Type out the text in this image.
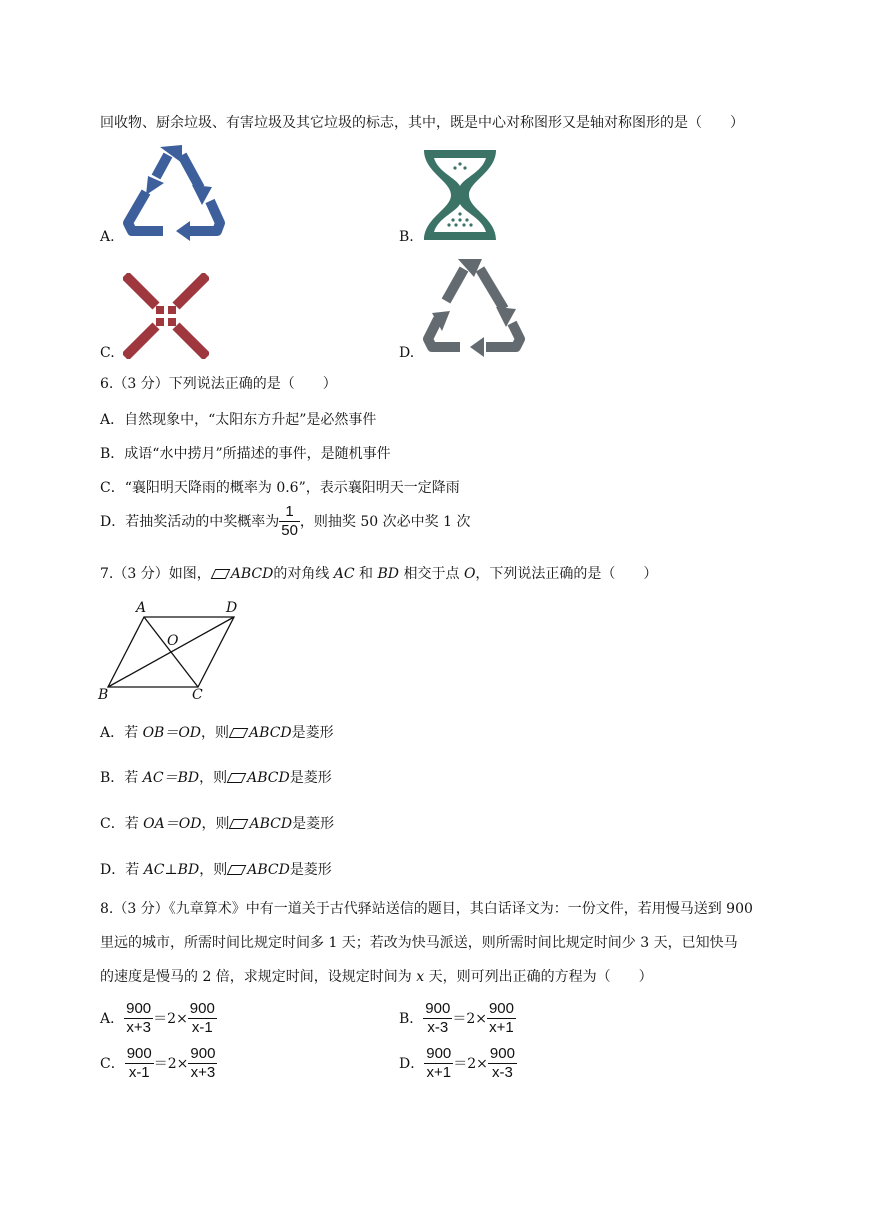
回收物、厨余垃圾、有害垃圾及其它垃圾的标志，其中，既是中心对称图形又是轴对称图形的是（　　）
A.	B.
C.	D.
6.（3 分）下列说法正确的是（　　）
A．自然现象中，“太阳东方升起”是必然事件
B．成语“水中捞月”所描述的事件，是随机事件
C．“襄阳明天降雨的概率为 0.6”，表示襄阳明天一定降雨
D．若抽奖活动的中奖概率为 $\frac{1}{50}$ ，则抽奖 50 次必中奖 1 次
7.（3 分）如图， ABCD的对角线 AC 和 BD 相交于点 O，下列说法正确的是（　　）
A	D
O
B	C
A．若 OB＝OD，则 ABCD是菱形
B．若 AC＝BD，则 ABCD是菱形
C．若 OA＝OD，则 ABCD是菱形
D．若 AC⊥BD，则 ABCD是菱形
8.（3 分）《九章算术》中有一道关于古代驿站送信的题目，其白话译文为：一份文件，若用慢马送到 900
里远的城市，所需时间比规定时间多 1 天；若改为快马派送，则所需时间比规定时间少 3 天，已知快马
的速度是慢马的 2 倍，求规定时间，设规定时间为 x 天，则可列出正确的方程为（　　）
A． $\frac{900}{x+3} =2\times \frac{900}{x-1}$	B． $\frac{900}{x-3} =2\times \frac{900}{x+1}$
C． $\frac{900}{x-1} =2\times \frac{900}{x+3}$	D． $\frac{900}{x+1} =2\times \frac{900}{x-3}$
